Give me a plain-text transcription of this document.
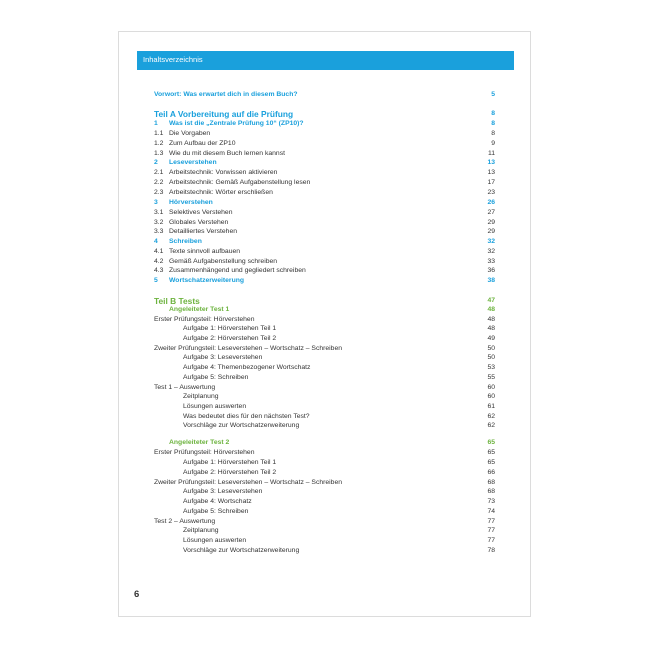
Inhaltsverzeichnis
Vorwort: Was erwartet dich in diesem Buch?	5
Teil A Vorbereitung auf die Prüfung	8
1 Was ist die „Zentrale Prüfung 10“ (ZP10)?	8
1.1 Die Vorgaben	8
1.2 Zum Aufbau der ZP10	9
1.3 Wie du mit diesem Buch lernen kannst	11
2 Leseverstehen	13
2.1 Arbeitstechnik: Vorwissen aktivieren	13
2.2 Arbeitstechnik: Gemäß Aufgabenstellung lesen	17
2.3 Arbeitstechnik: Wörter erschließen	23
3 Hörverstehen	26
3.1 Selektives Verstehen	27
3.2 Globales Verstehen	29
3.3 Detailliertes Verstehen	29
4 Schreiben	32
4.1 Texte sinnvoll aufbauen	32
4.2 Gemäß Aufgabenstellung schreiben	33
4.3 Zusammenhängend und gegliedert schreiben	36
5 Wortschatzerweiterung	38
Teil B Tests	47
Angeleiteter Test 1	48
Erster Prüfungsteil: Hörverstehen	48
Aufgabe 1: Hörverstehen Teil 1	48
Aufgabe 2: Hörverstehen Teil 2	49
Zweiter Prüfungsteil: Leseverstehen – Wortschatz – Schreiben	50
Aufgabe 3: Leseverstehen	50
Aufgabe 4: Themenbezogener Wortschatz	53
Aufgabe 5: Schreiben	55
Test 1 – Auswertung	60
Zeitplanung	60
Lösungen auswerten	61
Was bedeutet dies für den nächsten Test?	62
Vorschläge zur Wortschatzerweiterung	62
Angeleiteter Test 2	65
Erster Prüfungsteil: Hörverstehen	65
Aufgabe 1: Hörverstehen Teil 1	65
Aufgabe 2: Hörverstehen Teil 2	66
Zweiter Prüfungsteil: Leseverstehen – Wortschatz – Schreiben	68
Aufgabe 3: Leseverstehen	68
Aufgabe 4: Wortschatz	73
Aufgabe 5: Schreiben	74
Test 2 – Auswertung	77
Zeitplanung	77
Lösungen auswerten	77
Vorschläge zur Wortschatzerweiterung	78
6
